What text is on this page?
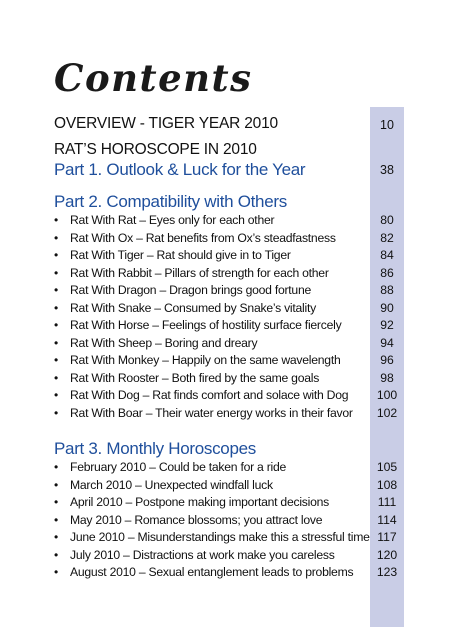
Contents
OVERVIEW - TIGER YEAR 2010	10
RAT’S HOROSCOPE IN 2010
Part 1. Outlook & Luck for the Year	38
Part 2. Compatibility with Others
• Rat With Rat – Eyes only for each other	80
• Rat With Ox – Rat benefits from Ox’s steadfastness	82
• Rat With Tiger – Rat should give in to Tiger	84
• Rat With Rabbit – Pillars of strength for each other	86
• Rat With Dragon – Dragon brings good fortune	88
• Rat With Snake – Consumed by Snake’s vitality	90
• Rat With Horse – Feelings of hostility surface fiercely	92
• Rat With Sheep – Boring and dreary	94
• Rat With Monkey – Happily on the same wavelength	96
• Rat With Rooster – Both fired by the same goals	98
• Rat With Dog – Rat finds comfort and solace with Dog	100
• Rat With Boar – Their water energy works in their favor	102
Part 3. Monthly Horoscopes
• February 2010 – Could be taken for a ride	105
• March 2010 – Unexpected windfall luck	108
• April 2010 – Postpone making important decisions	111
• May 2010 – Romance blossoms; you attract love	114
• June 2010 – Misunderstandings make this a stressful time 117
• July 2010 – Distractions at work make you careless	120
• August 2010 – Sexual entanglement leads to problems	123
